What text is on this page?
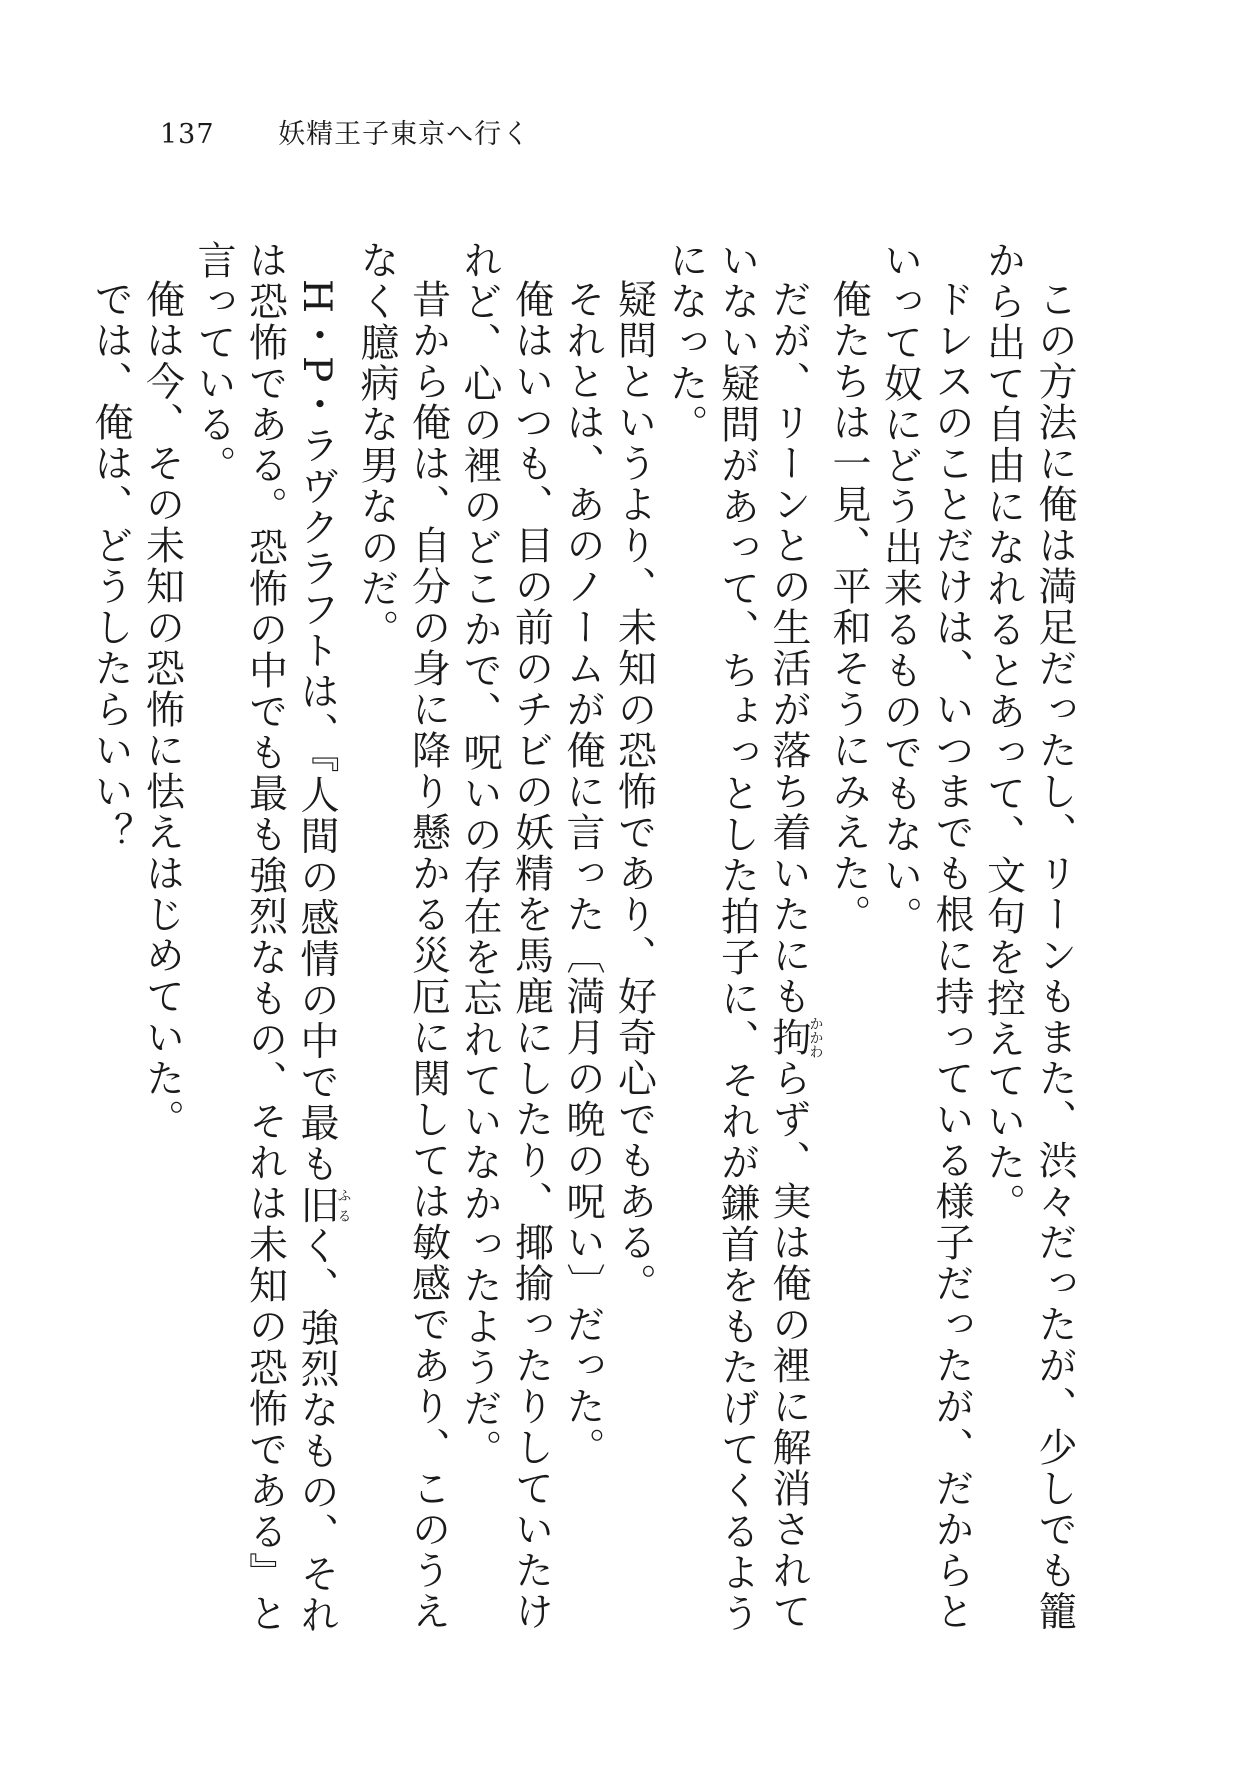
137 妖精王子東京へ行く

この方法に俺は満足だったし、リーンもまた、渋々だったが、少しでも籠から出て自由になれるとあって、文句を控えていた。

ドレスのことだけは、いつまでも根に持っている様子だったが、だからといって奴にどう出来るものでもない。

俺たちは一見、平和そうにみえた。

だが、リーンとの生活が落ち着いたにも拘かかわらず、実は俺の裡に解消されていない疑問があって、ちょっとした拍子に、それが鎌首をもたげてくるようになった。

疑問というより、未知の恐怖であり、好奇心でもある。

それとは、あのノームが俺に言った〔満月の晩の呪い〕だった。

俺はいつも、目の前のチビの妖精を馬鹿にしたり、揶揄ったりしていたけれど、心の裡のどこかで、呪いの存在を忘れていなかったようだ。

昔から俺は、自分の身に降り懸かる災厄に関しては敏感であり、このうえなく臆病な男なのだ。

H・P・ラヴクラフトは、『人間の感情の中で最も旧ふるく、強烈なもの、それは恐怖である。恐怖の中でも最も強烈なもの、それは未知の恐怖である』と言っている。

俺は今、その未知の恐怖に怯えはじめていた。

では、俺は、どうしたらいい？
